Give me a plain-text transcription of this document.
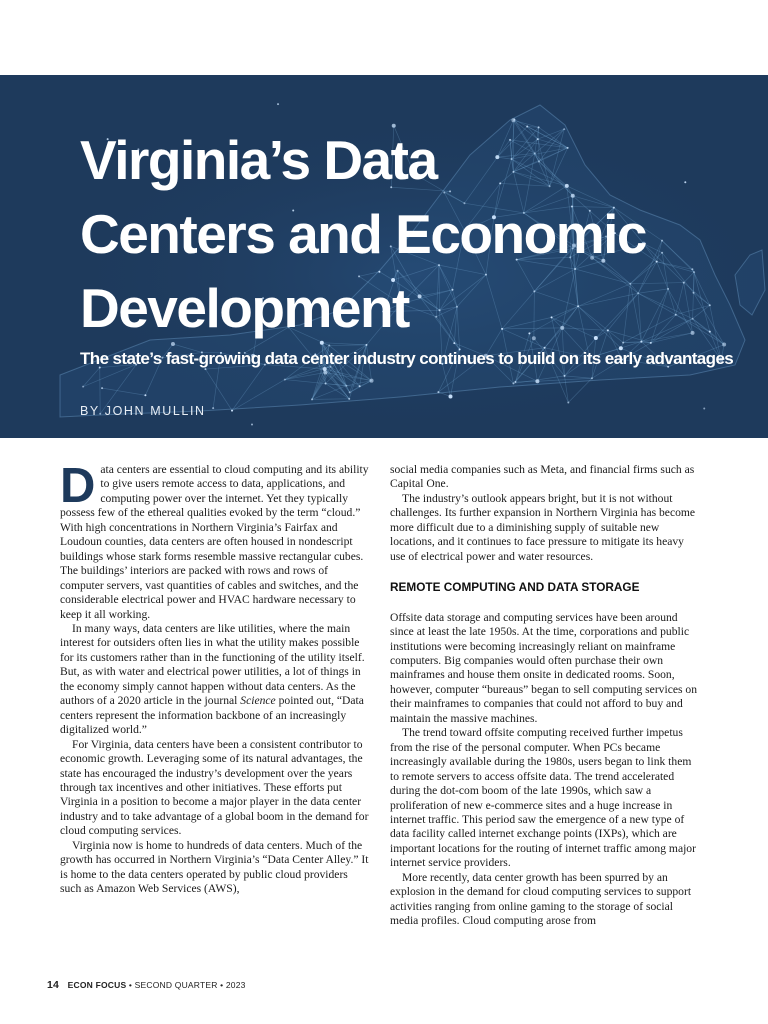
Virginia’s Data
Centers and Economic
Development

The state’s fast-growing data center industry continues to build on its early advantages

BY JOHN MULLIN

Data centers are essential to cloud computing and its ability to give users remote access to data, applications, and computing power over the internet. Yet they typically possess few of the ethereal qualities evoked by the term “cloud.” With high concentrations in Northern Virginia’s Fairfax and Loudoun counties, data centers are often housed in nondescript buildings whose stark forms resemble massive rectangular cubes. The buildings’ interiors are packed with rows and rows of computer servers, vast quantities of cables and switches, and the considerable electrical power and HVAC hardware necessary to keep it all working.

In many ways, data centers are like utilities, where the main interest for outsiders often lies in what the utility makes possible for its customers rather than in the functioning of the utility itself. But, as with water and electrical power utilities, a lot of things in the economy simply cannot happen without data centers. As the authors of a 2020 article in the journal Science pointed out, “Data centers represent the information backbone of an increasingly digitalized world.”

For Virginia, data centers have been a consistent contributor to economic growth. Leveraging some of its natural advantages, the state has encouraged the industry’s development over the years through tax incentives and other initiatives. These efforts put Virginia in a position to become a major player in the data center industry and to take advantage of a global boom in the demand for cloud computing services.

Virginia now is home to hundreds of data centers. Much of the growth has occurred in Northern Virginia’s “Data Center Alley.” It is home to the data centers operated by public cloud providers such as Amazon Web Services (AWS),

social media companies such as Meta, and financial firms such as Capital One.

The industry’s outlook appears bright, but it is not without challenges. Its further expansion in Northern Virginia has become more difficult due to a diminishing supply of suitable new locations, and it continues to face pressure to mitigate its heavy use of electrical power and water resources.

REMOTE COMPUTING AND DATA STORAGE

Offsite data storage and computing services have been around since at least the late 1950s. At the time, corporations and public institutions were becoming increasingly reliant on mainframe computers. Big companies would often purchase their own mainframes and house them onsite in dedicated rooms. Soon, however, computer “bureaus” began to sell computing services on their mainframes to companies that could not afford to buy and maintain the massive machines.

The trend toward offsite computing received further impetus from the rise of the personal computer. When PCs became increasingly available during the 1980s, users began to link them to remote servers to access offsite data. The trend accelerated during the dot-com boom of the late 1990s, which saw a proliferation of new e-commerce sites and a huge increase in internet traffic. This period saw the emergence of a new type of data facility called internet exchange points (IXPs), which are important locations for the routing of internet traffic among major internet service providers.

More recently, data center growth has been spurred by an explosion in the demand for cloud computing services to support activities ranging from online gaming to the storage of social media profiles. Cloud computing arose from

14 ECON FOCUS • SECOND QUARTER • 2023
